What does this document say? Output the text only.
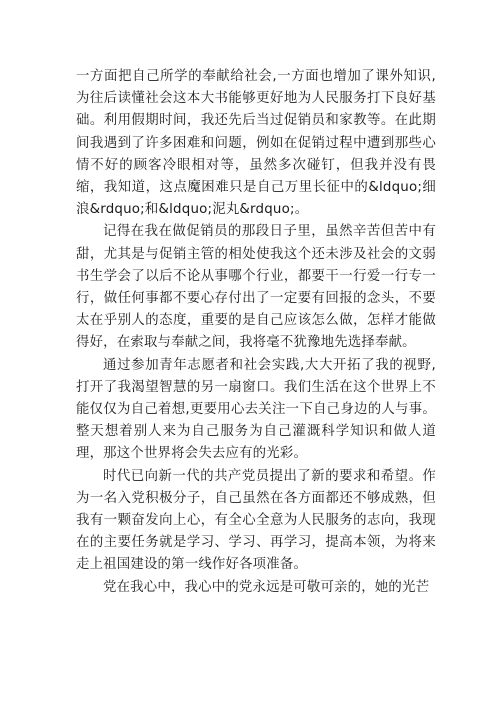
一方面把自己所学的奉献给社会,一方面也增加了课外知识,为往后读懂社会这本大书能够更好地为人民服务打下良好基础。利用假期时间，我还先后当过促销员和家教等。在此期间我遇到了许多困难和问题，例如在促销过程中遭到那些心情不好的顾客冷眼相对等，虽然多次碰钉，但我并没有畏缩，我知道，这点魔困难只是自己万里长征中的&ldquo;细浪&rdquo;和&ldquo;泥丸&rdquo;。

记得在我在做促销员的那段日子里，虽然辛苦但苦中有甜，尤其是与促销主管的相处使我这个还未涉及社会的文弱书生学会了以后不论从事哪个行业，都要干一行爱一行专一行，做任何事都不要心存付出了一定要有回报的念头，不要太在乎别人的态度，重要的是自己应该怎么做，怎样才能做得好，在索取与奉献之间，我将毫不犹豫地先选择奉献。

通过参加青年志愿者和社会实践,大大开拓了我的视野,打开了我渴望智慧的另一扇窗口。我们生活在这个世界上不能仅仅为自己着想,更要用心去关注一下自己身边的人与事。整天想着别人来为自己服务为自己灌溉科学知识和做人道理，那这个世界将会失去应有的光彩。

时代已向新一代的共产党员提出了新的要求和希望。作为一名入党积极分子，自己虽然在各方面都还不够成熟，但我有一颗奋发向上心，有全心全意为人民服务的志向，我现在的主要任务就是学习、学习、再学习，提高本领，为将来走上祖国建设的第一线作好各项准备。

党在我心中，我心中的党永远是可敬可亲的，她的光芒
